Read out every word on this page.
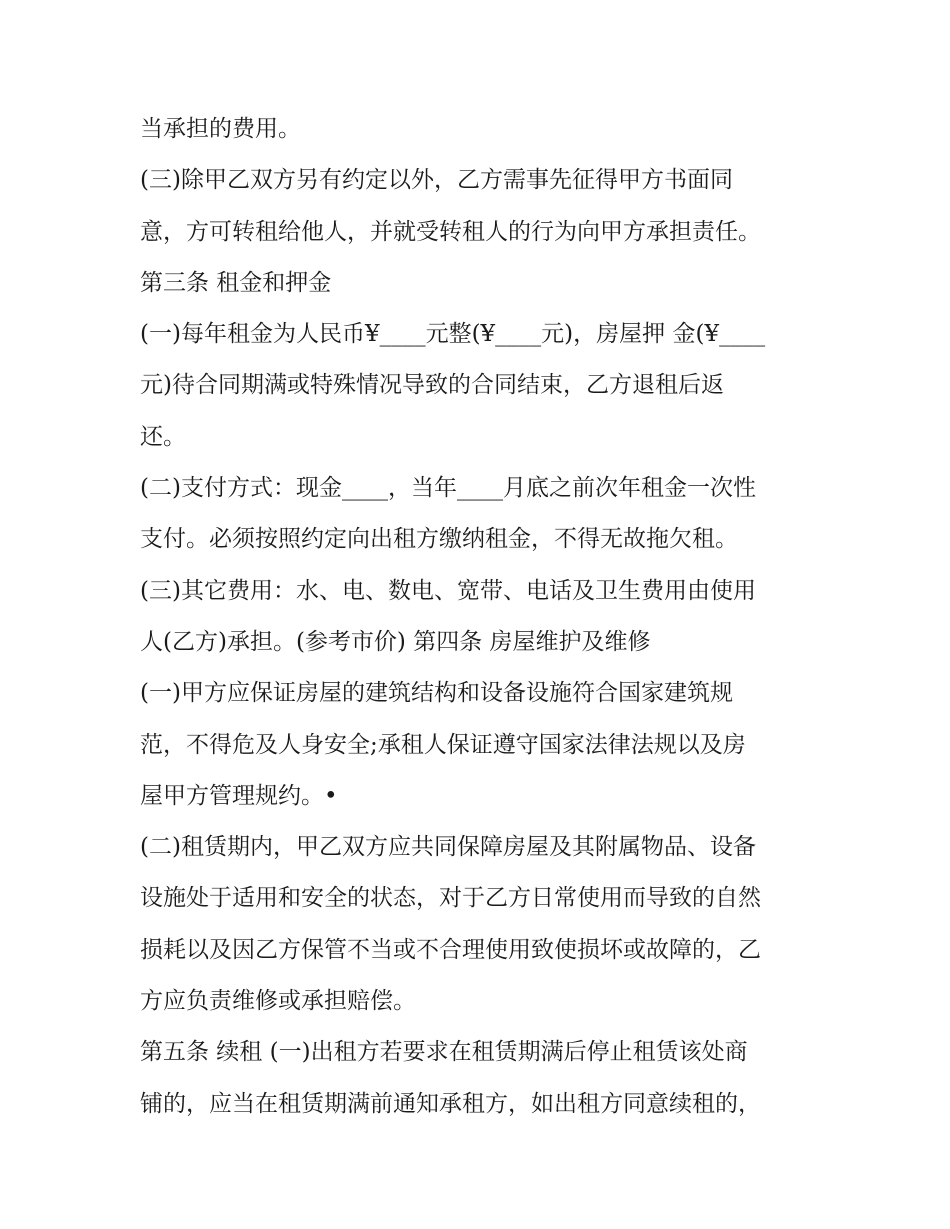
当承担的费用。
(三)除甲乙双方另有约定以外，乙方需事先征得甲方书面同
意，方可转租给他人，并就受转租人的行为向甲方承担责任。
第三条 租金和押金
(一)每年租金为人民币¥____元整(¥____元)，房屋押 金(¥____
元)待合同期满或特殊情况导致的合同结束，乙方退租后返
还。
(二)支付方式：现金____，当年____月底之前次年租金一次性
支付。必须按照约定向出租方缴纳租金，不得无故拖欠租。
(三)其它费用：水、电、数电、宽带、电话及卫生费用由使用
人(乙方)承担。(参考市价) 第四条 房屋维护及维修
(一)甲方应保证房屋的建筑结构和设备设施符合国家建筑规
范，不得危及人身安全;承租人保证遵守国家法律法规以及房
屋甲方管理规约。•
(二)租赁期内，甲乙双方应共同保障房屋及其附属物品、设备
设施处于适用和安全的状态，对于乙方日常使用而导致的自然
损耗以及因乙方保管不当或不合理使用致使损坏或故障的，乙
方应负责维修或承担赔偿。
第五条 续租 (一)出租方若要求在租赁期满后停止租赁该处商
铺的，应当在租赁期满前通知承租方，如出租方同意续租的，
